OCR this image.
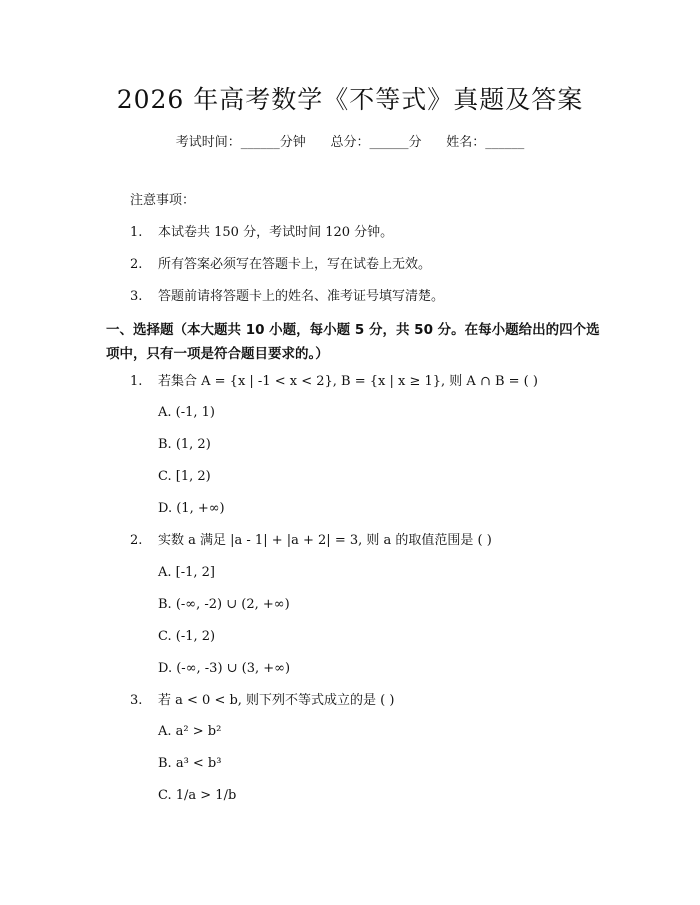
2026 年高考数学《不等式》真题及答案
考试时间：______分钟      总分：______分      姓名：______
注意事项：
1. 本试卷共 150 分，考试时间 120 分钟。
2. 所有答案必须写在答题卡上，写在试卷上无效。
3. 答题前请将答题卡上的姓名、准考证号填写清楚。
一、选择题（本大题共 10 小题，每小题 5 分，共 50 分。在每小题给出的四个选项中，只有一项是符合题目要求的。）
1. 若集合 A = {x | -1 < x < 2}, B = {x | x ≥ 1}, 则 A ∩ B = ( )
A. (-1, 1)
B. (1, 2)
C. [1, 2)
D. (1, +∞)
2. 实数 a 满足 |a - 1| + |a + 2| = 3, 则 a 的取值范围是 ( )
A. [-1, 2]
B. (-∞, -2) ∪ (2, +∞)
C. (-1, 2)
D. (-∞, -3) ∪ (3, +∞)
3. 若 a < 0 < b, 则下列不等式成立的是 ( )
A. a² > b²
B. a³ < b³
C. 1/a > 1/b
